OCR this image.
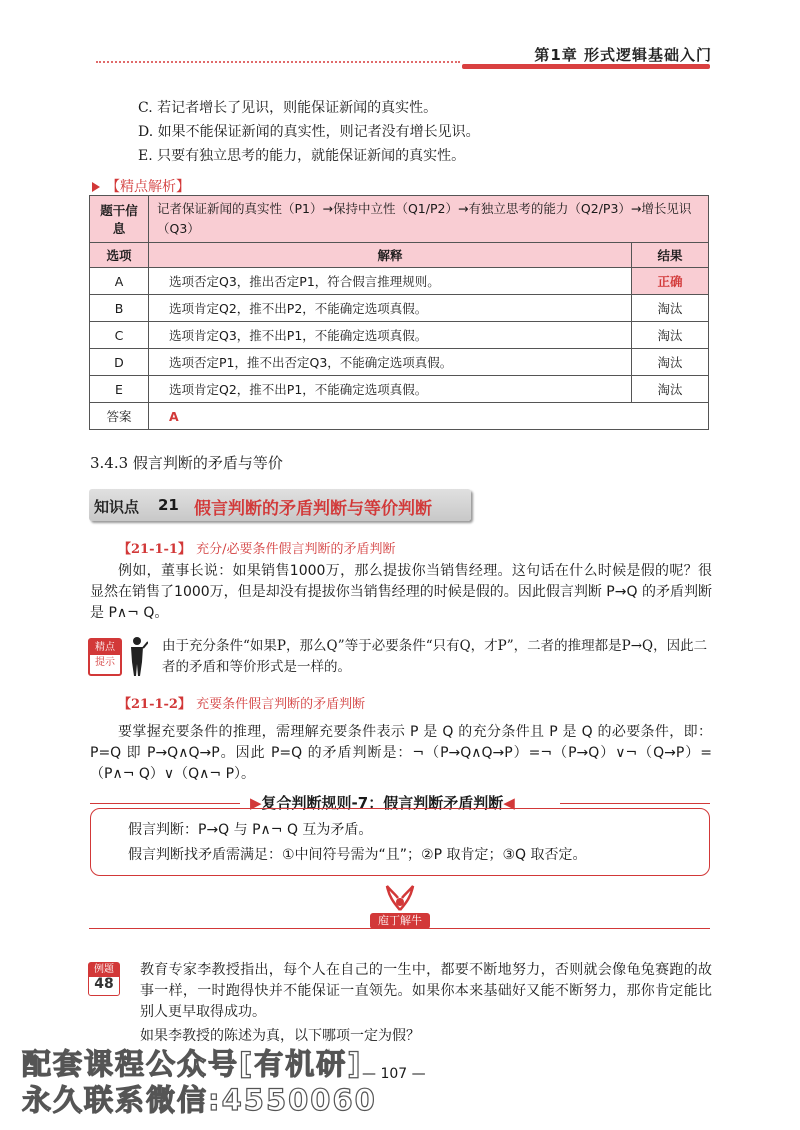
第1章 形式逻辑基础入门
C. 若记者增长了见识，则能保证新闻的真实性。
D. 如果不能保证新闻的真实性，则记者没有增长见识。
E. 只要有独立思考的能力，就能保证新闻的真实性。
【精点解析】
题干信息	记者保证新闻的真实性（P1）→保持中立性（Q1/P2）→有独立思考的能力（Q2/P3）→增长见识（Q3）	
选项	解释	结果
A	选项否定Q3，推出否定P1，符合假言推理规则。	正确
B	选项肯定Q2，推不出P2，不能确定选项真假。	淘汰
C	选项肯定Q3，推不出P1，不能确定选项真假。	淘汰
D	选项否定P1，推不出否定Q3，不能确定选项真假。	淘汰
E	选项肯定Q2，推不出P1，不能确定选项真假。	淘汰
答案	A	
3.4.3 假言判断的矛盾与等价
知识点 21 假言判断的矛盾判断与等价判断
【21-1-1】 充分/必要条件假言判断的矛盾判断
例如，董事长说：如果销售1000万，那么提拔你当销售经理。这句话在什么时候是假的呢？很显然在销售了1000万，但是却没有提拔你当销售经理的时候是假的。因此假言判断 P→Q 的矛盾判断是 P∧¬ Q。
精点
提示
由于充分条件“如果P，那么Q”等于必要条件“只有Q，才P”，二者的推理都是P→Q，因此二者的矛盾和等价形式是一样的。
【21-1-2】 充要条件假言判断的矛盾判断
要掌握充要条件的推理，需理解充要条件表示 P 是 Q 的充分条件且 P 是 Q 的必要条件，即：P=Q 即 P→Q∧Q→P。因此 P=Q 的矛盾判断是：¬（P→Q∧Q→P）=¬（P→Q）∨¬（Q→P）=（P∧¬ Q）∨（Q∧¬ P）。
▶复合判断规则-7：假言判断矛盾判断◀
假言判断：P→Q 与 P∧¬ Q 互为矛盾。
假言判断找矛盾需满足：①中间符号需为“且”；②P 取肯定；③Q 取否定。
庖丁解牛
例题
48
教育专家李教授指出，每个人在自己的一生中，都要不断地努力，否则就会像龟兔赛跑的故事一样，一时跑得快并不能保证一直领先。如果你本来基础好又能不断努力，那你肯定能比别人更早取得成功。
如果李教授的陈述为真，以下哪项一定为假？
— 107 —
配套课程公众号[有机研]
永久联系微信:4550060
